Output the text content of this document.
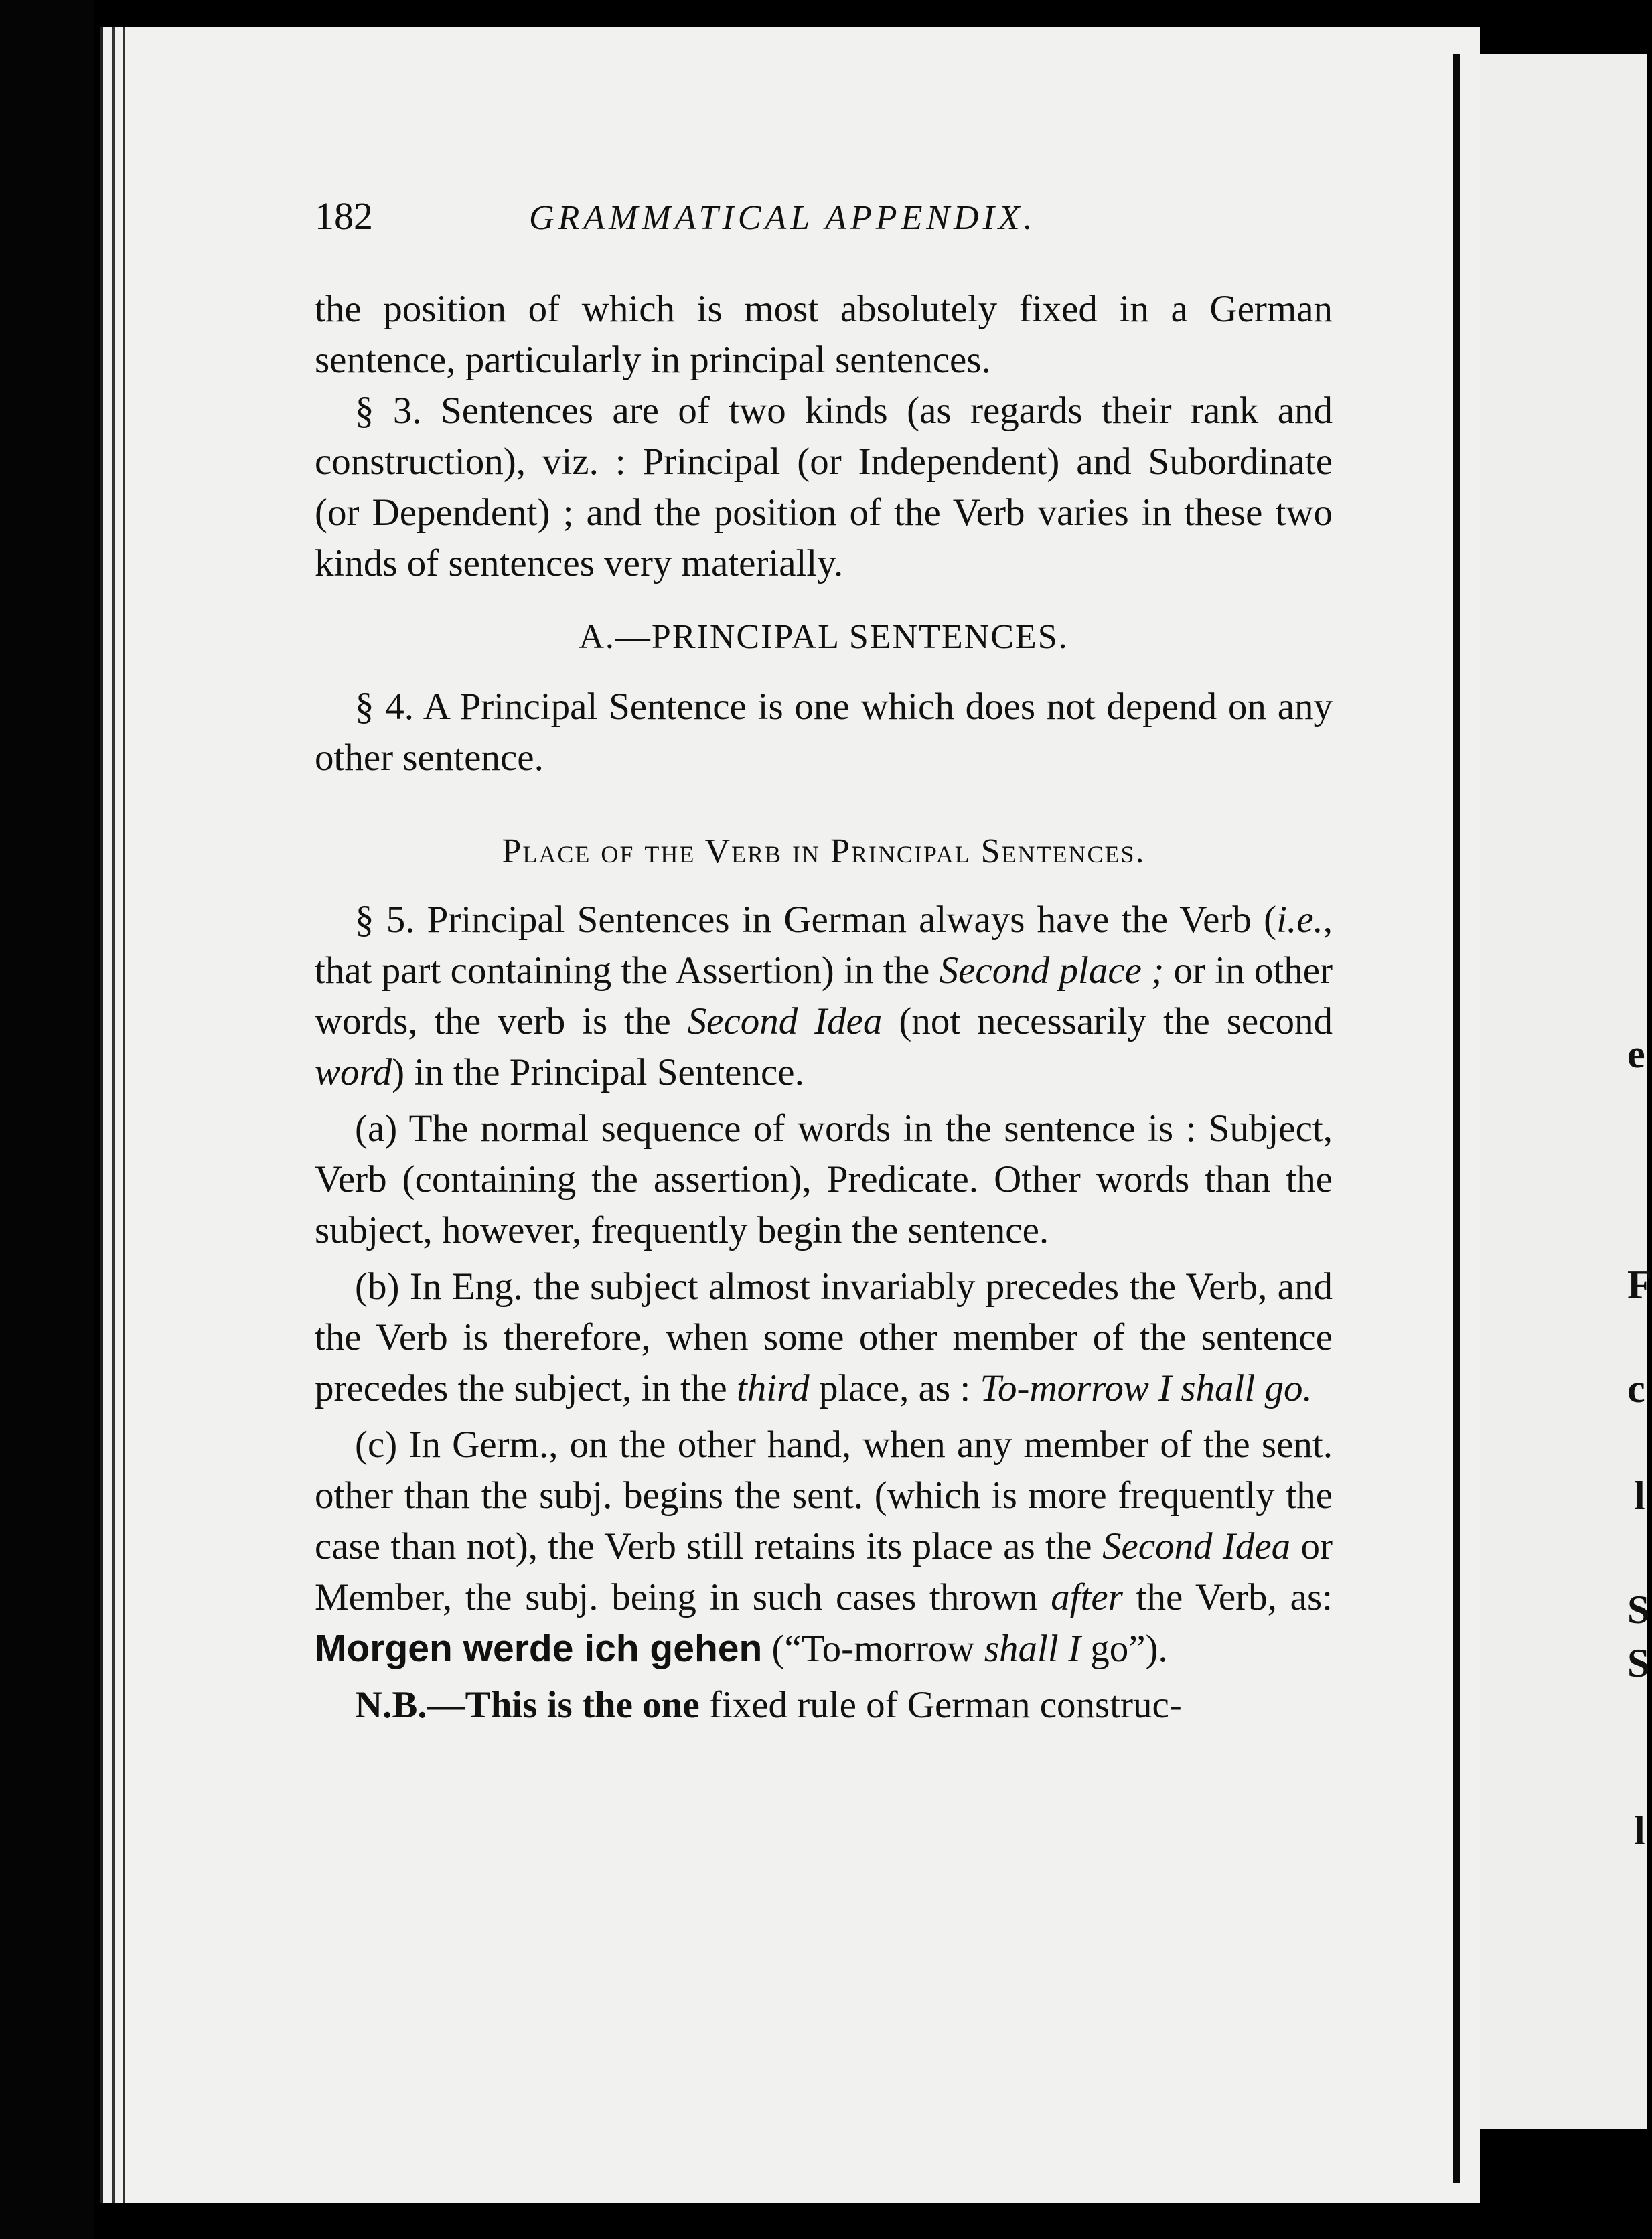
e
F
c
l
S
S
l
182	GRAMMATICAL APPENDIX.

the position of which is most absolutely fixed in a German sentence, particularly in principal sentences.

§ 3. Sentences are of two kinds (as regards their rank and construction), viz. : Principal (or Independent) and Subordinate (or Dependent) ; and the position of the Verb varies in these two kinds of sentences very materially.

A.—PRINCIPAL SENTENCES.

§ 4. A Principal Sentence is one which does not depend on any other sentence.

Place of the Verb in Principal Sentences.

§ 5. Principal Sentences in German always have the Verb (i.e., that part containing the Assertion) in the Second place ; or in other words, the verb is the Second Idea (not necessarily the second word) in the Principal Sentence.

(a) The normal sequence of words in the sentence is : Subject, Verb (containing the assertion), Predicate. Other words than the subject, however, frequently begin the sentence.

(b) In Eng. the subject almost invariably precedes the Verb, and the Verb is therefore, when some other member of the sentence precedes the subject, in the third place, as : To-morrow I shall go.

(c) In Germ., on the other hand, when any member of the sent. other than the subj. begins the sent. (which is more frequently the case than not), the Verb still retains its place as the Second Idea or Member, the subj. being in such cases thrown after the Verb, as: Morgen werde ich gehen (“To-morrow shall I go”).

N.B.—This is the one fixed rule of German construc-
